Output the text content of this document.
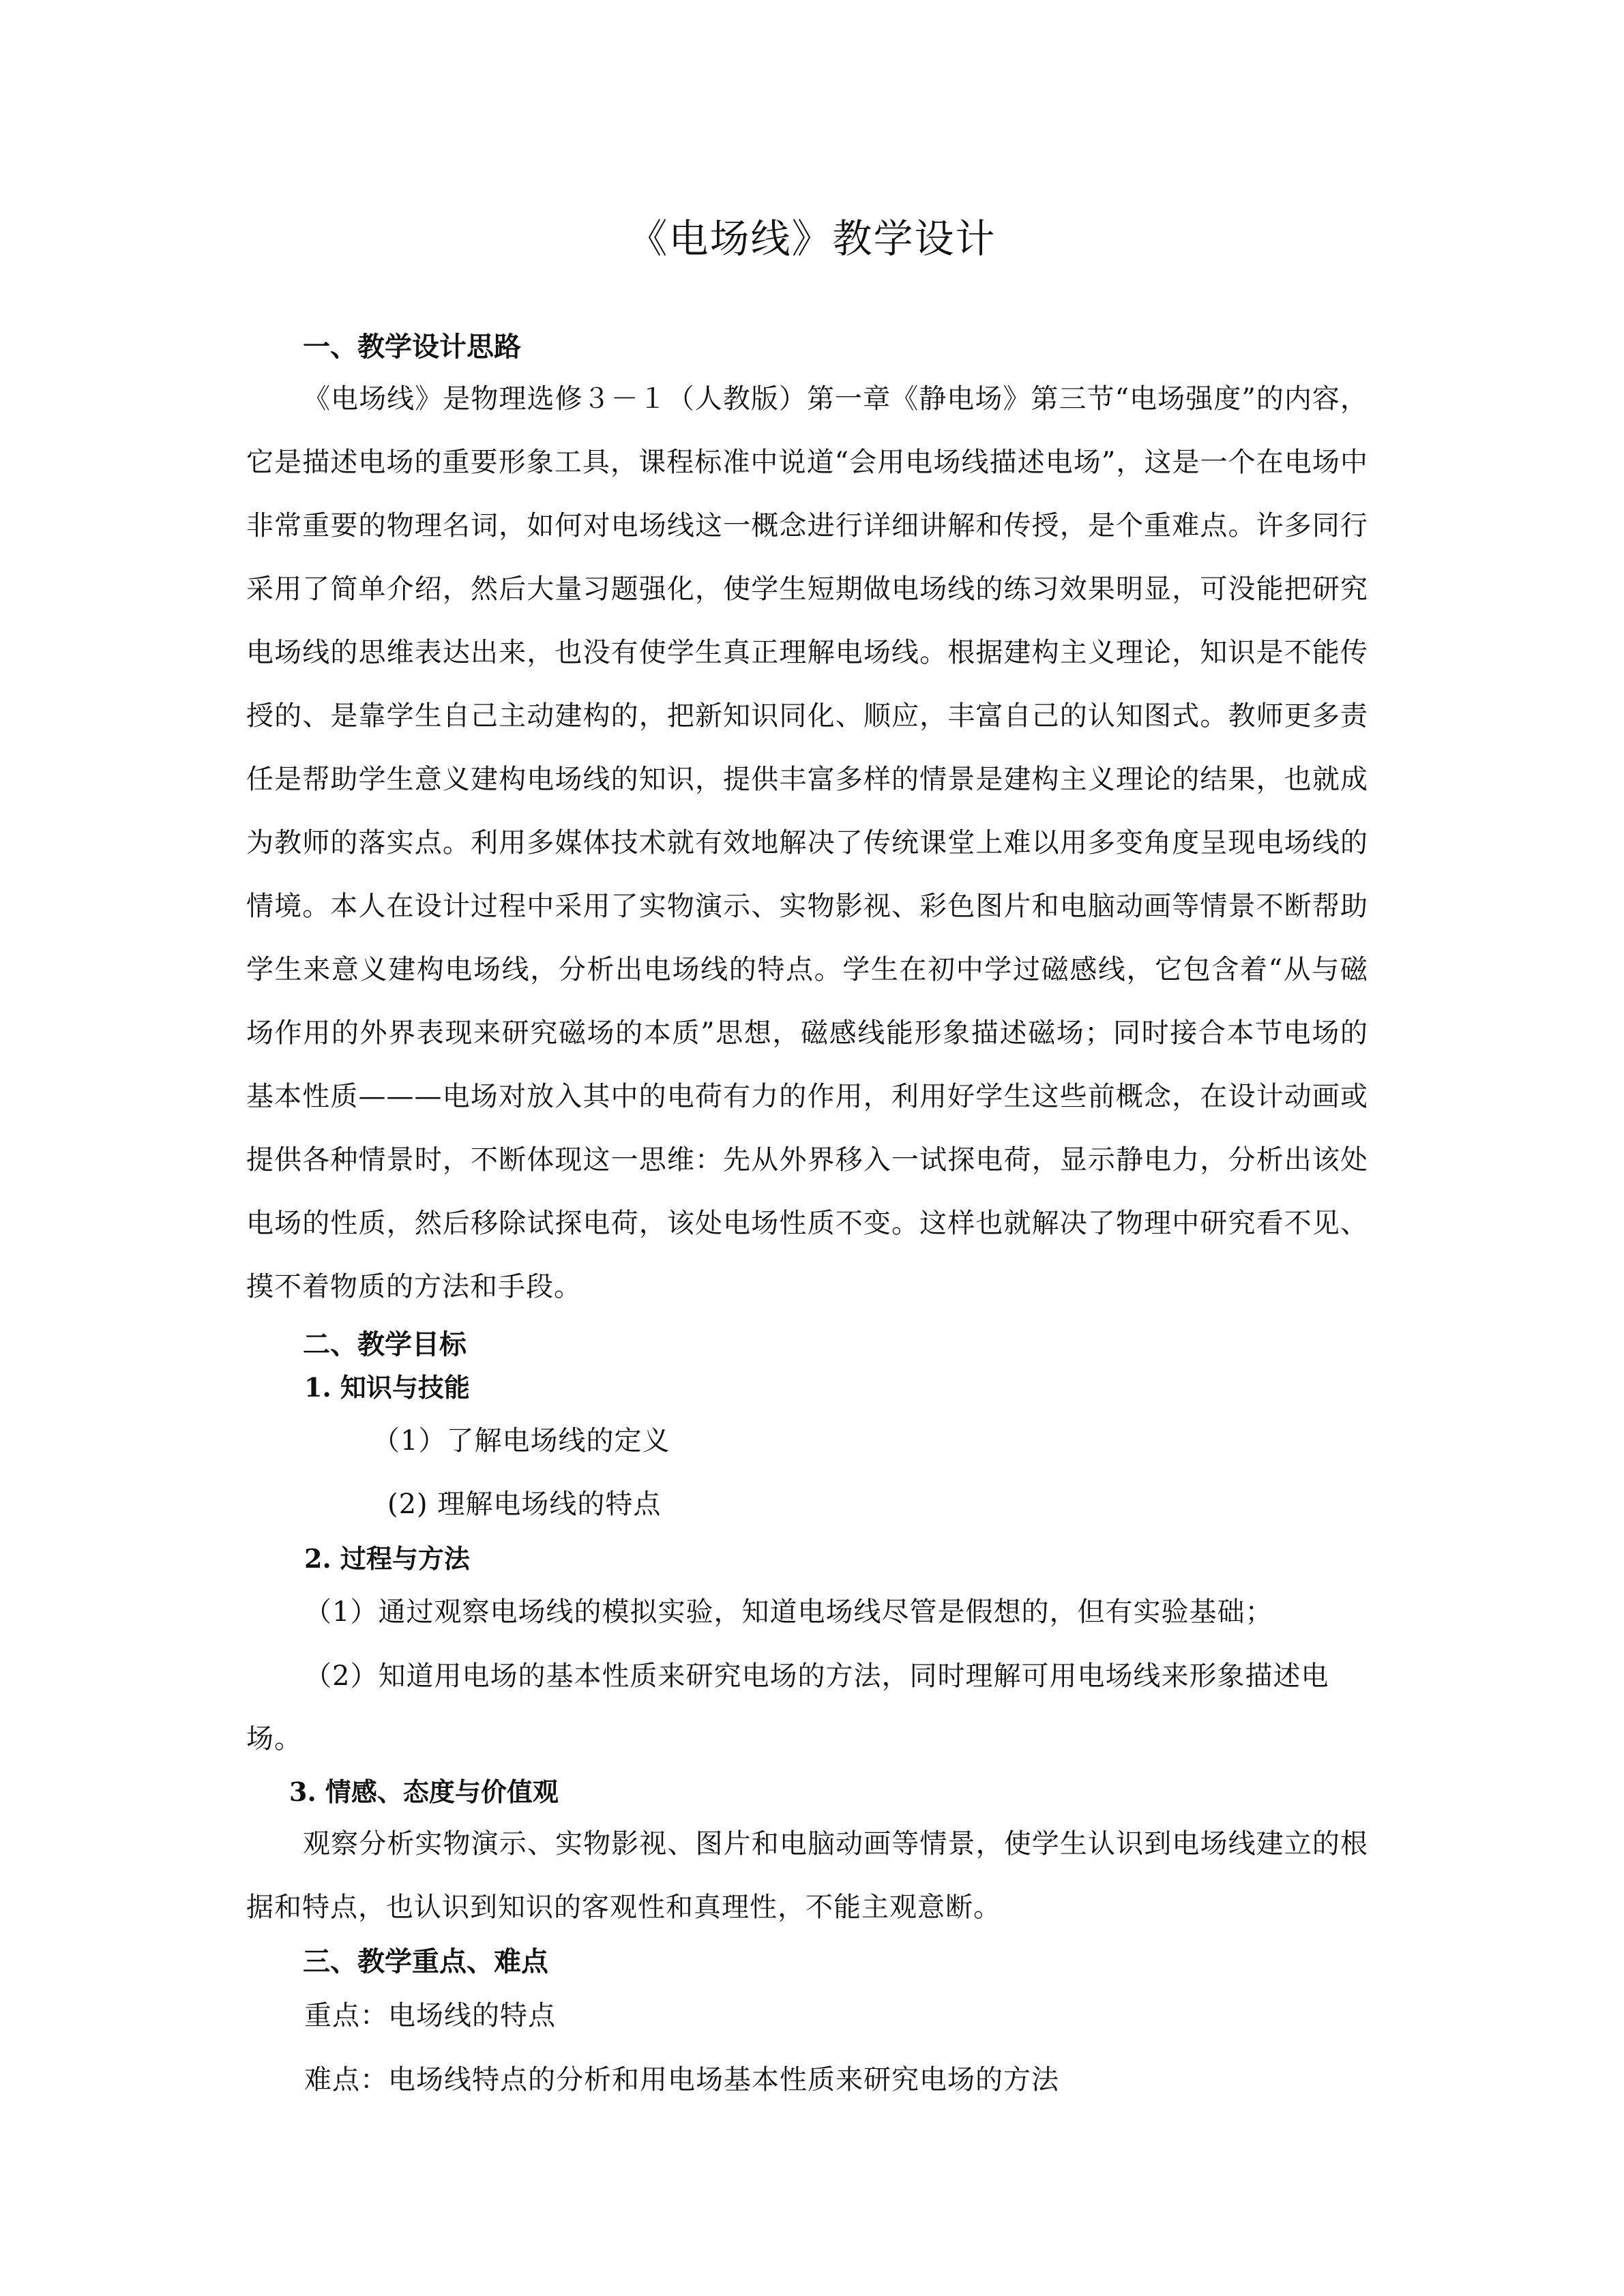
《电场线》教学设计
一、教学设计思路
《电场线》是物理选修３－１（人教版）第一章《静电场》第三节“电场强度”的内容，它是描述电场的重要形象工具，课程标准中说道“会用电场线描述电场”，这是一个在电场中非常重要的物理名词，如何对电场线这一概念进行详细讲解和传授，是个重难点。许多同行采用了简单介绍，然后大量习题强化，使学生短期做电场线的练习效果明显，可没能把研究电场线的思维表达出来，也没有使学生真正理解电场线。根据建构主义理论，知识是不能传授的、是靠学生自己主动建构的，把新知识同化、顺应，丰富自己的认知图式。教师更多责任是帮助学生意义建构电场线的知识，提供丰富多样的情景是建构主义理论的结果，也就成为教师的落实点。利用多媒体技术就有效地解决了传统课堂上难以用多变角度呈现电场线的情境。本人在设计过程中采用了实物演示、实物影视、彩色图片和电脑动画等情景不断帮助学生来意义建构电场线，分析出电场线的特点。学生在初中学过磁感线，它包含着“从与磁场作用的外界表现来研究磁场的本质”思想，磁感线能形象描述磁场；同时接合本节电场的基本性质———电场对放入其中的电荷有力的作用，利用好学生这些前概念，在设计动画或提供各种情景时，不断体现这一思维：先从外界移入一试探电荷，显示静电力，分析出该处电场的性质，然后移除试探电荷，该处电场性质不变。这样也就解决了物理中研究看不见、摸不着物质的方法和手段。
二、教学目标
1. 知识与技能
（1）了解电场线的定义
(2) 理解电场线的特点
2. 过程与方法
（1）通过观察电场线的模拟实验，知道电场线尽管是假想的，但有实验基础；
（2）知道用电场的基本性质来研究电场的方法，同时理解可用电场线来形象描述电
场。
3. 情感、态度与价值观
观察分析实物演示、实物影视、图片和电脑动画等情景，使学生认识到电场线建立的根据和特点，也认识到知识的客观性和真理性，不能主观意断。
三、教学重点、难点
重点：电场线的特点
难点：电场线特点的分析和用电场基本性质来研究电场的方法
